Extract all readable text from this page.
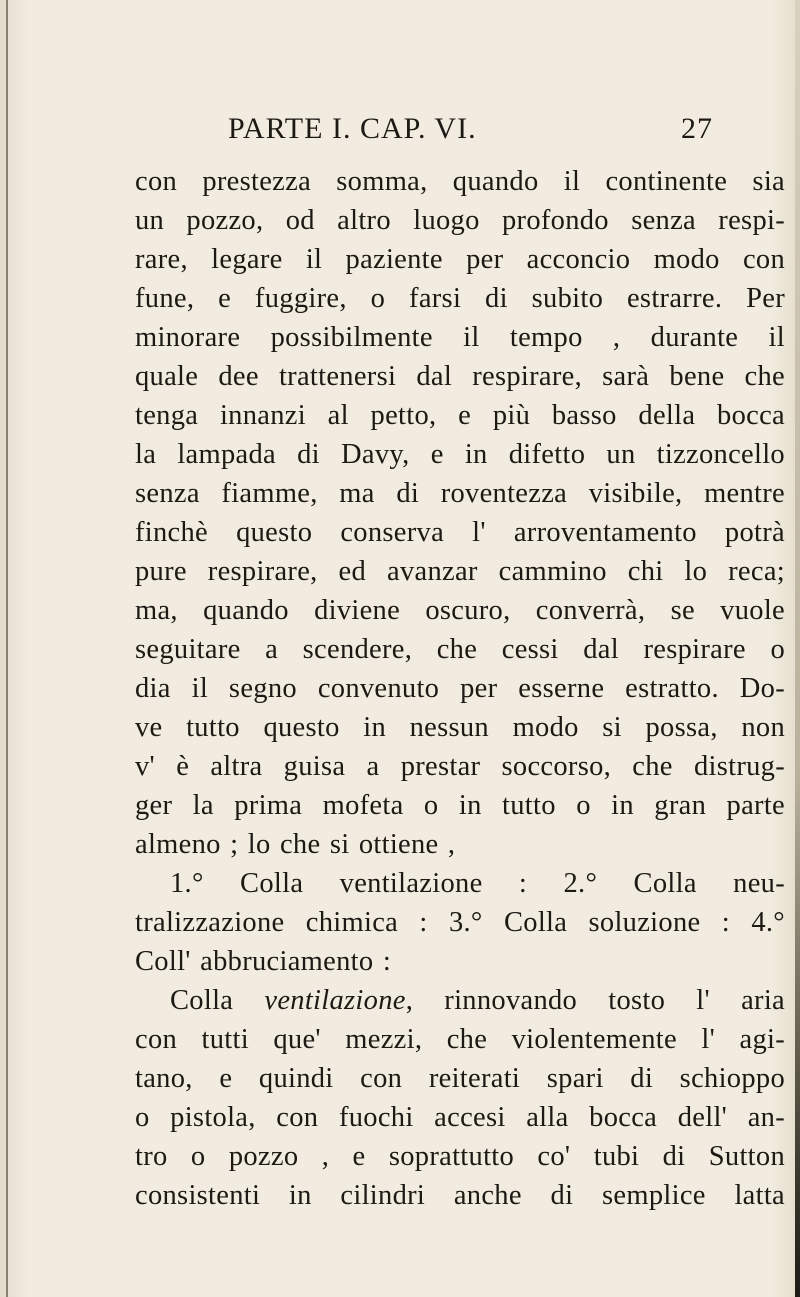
PARTE I. CAP. VI.	27
con prestezza somma, quando il continente sia
un pozzo, od altro luogo profondo senza respi-
rare, legare il paziente per acconcio modo con
fune, e fuggire, o farsi di subito estrarre. Per
minorare possibilmente il tempo , durante il
quale dee trattenersi dal respirare, sarà bene che
tenga innanzi al petto, e più basso della bocca
la lampada di Davy, e in difetto un tizzoncello
senza fiamme, ma di roventezza visibile, mentre
finchè questo conserva l' arroventamento potrà
pure respirare, ed avanzar cammino chi lo reca;
ma, quando diviene oscuro, converrà, se vuole
seguitare a scendere, che cessi dal respirare o
dia il segno convenuto per esserne estratto. Do-
ve tutto questo in nessun modo si possa, non
v' è altra guisa a prestar soccorso, che distrug-
ger la prima mofeta o in tutto o in gran parte
almeno ; lo che si ottiene ,
1.° Colla ventilazione : 2.° Colla neu-
tralizzazione chimica : 3.° Colla soluzione : 4.°
Coll' abbruciamento :
Colla ventilazione, rinnovando tosto l' aria
con tutti que' mezzi, che violentemente l' agi-
tano, e quindi con reiterati spari di schioppo
o pistola, con fuochi accesi alla bocca dell' an-
tro o pozzo , e soprattutto co' tubi di Sutton
consistenti in cilindri anche di semplice latta
